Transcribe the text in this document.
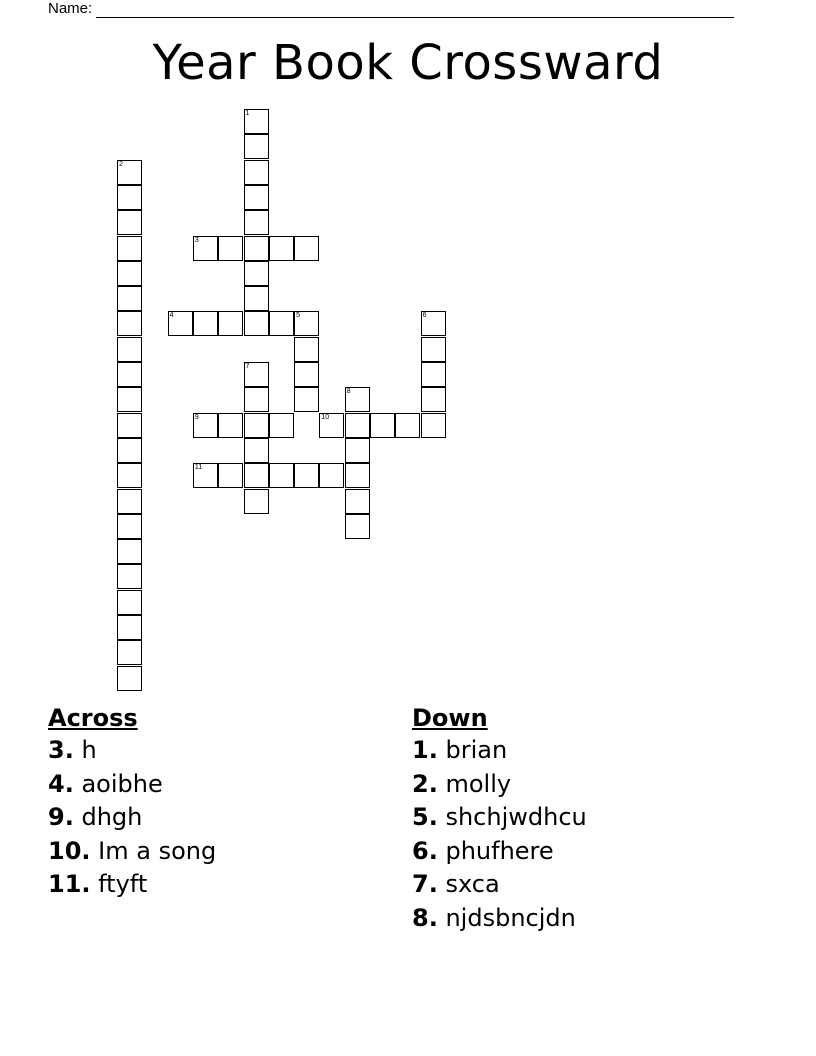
Name:
Year Book Crossward
1
2
3
4	5	6
7
8
9	10
11
Across
3. h
4. aoibhe
9. dhgh
10. Im a song
11. ftyft
Down
1. brian
2. molly
5. shchjwdhcu
6. phufhere
7. sxca
8. njdsbncjdn
